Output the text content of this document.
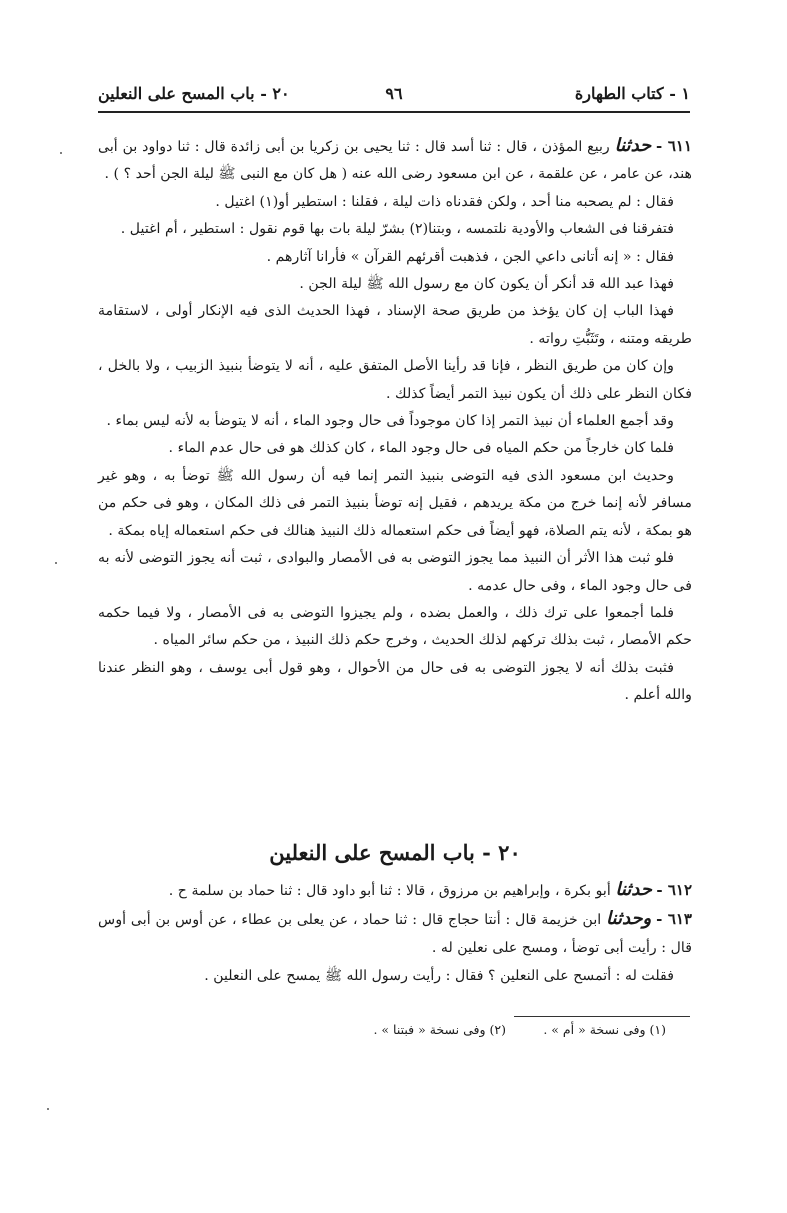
١ - كتاب الطهارة
٩٦
٢٠ - باب المسح على النعلين

٦١١ - حدثنا ربيع المؤذن ، قال : ثنا أسد قال : ثنا يحيى بن زكريا بن أبى زائدة قال : ثنا دواود بن أبى هند، عن عامر ، عن علقمة ، عن ابن مسعود رضى الله عنه ( هل كان مع النبى ﷺ ليلة الجن أحد ؟ ) .

فقال : لم يصحبه منا أحد ، ولكن فقدناه ذات ليلة ، فقلنا : استطير أو(١) اغتيل .

فتفرقنا فى الشعاب والأودية نلتمسه ، وبتنا(٢) بشرّ ليلة بات بها قوم نقول : استطير ، أم اغتيل .

فقال : « إنه أتانى داعي الجن ، فذهبت أقرئهم القرآن » فأرانا آثارهم .

فهذا عبد الله قد أنكر أن يكون كان مع رسول الله ﷺ ليلة الجن .

فهذا الباب إن كان يؤخذ من طريق صحة الإسناد ، فهذا الحديث الذى فيه الإنكار أولى ، لاستقامة طريقه ومتنه ، وتَثَبُّتِ رواته .

وإن كان من طريق النظر ، فإنا قد رأينا الأصل المتفق عليه ، أنه لا يتوضأ بنبيذ الزبيب ، ولا بالخل ، فكان النظر على ذلك أن يكون نبيذ التمر أيضاً كذلك .

وقد أجمع العلماء أن نبيذ التمر إذا كان موجوداً فى حال وجود الماء ، أنه لا يتوضأ به لأنه ليس بماء .

فلما كان خارجاً من حكم المياه فى حال وجود الماء ، كان كذلك هو فى حال عدم الماء .

وحديث ابن مسعود الذى فيه التوضى بنبيذ التمر إنما فيه أن رسول الله ﷺ توضأ به ، وهو غير مسافر لأنه إنما خرج من مكة يريدهم ، فقيل إنه توضأ بنبيذ التمر فى ذلك المكان ، وهو فى حكم من هو بمكة ، لأنه يتم الصلاة، فهو أيضاً فى حكم استعماله ذلك النبيذ هنالك فى حكم استعماله إياه بمكة .

فلو ثبت هذا الأثر أن النبيذ مما يجوز التوضى به فى الأمصار والبوادى ، ثبت أنه يجوز التوضى لأنه به فى حال وجود الماء ، وفى حال عدمه .

فلما أجمعوا على ترك ذلك ، والعمل بضده ، ولم يجيزوا التوضى به فى الأمصار ، ولا فيما حكمه حكم الأمصار ، ثبت بذلك تركهم لذلك الحديث ، وخرج حكم ذلك النبيذ ، من حكم سائر المياه .

فثبت بذلك أنه لا يجوز التوضى به فى حال من الأحوال ، وهو قول أبى يوسف ، وهو النظر عندنا والله أعلم .

٢٠ - باب المسح على النعلين

٦١٢ - حدثنا أبو بكرة ، وإبراهيم بن مرزوق ، قالا : ثنا أبو داود قال : ثنا حماد بن سلمة ح .

٦١٣ - وحدثنا ابن خزيمة قال : أنتا حجاج قال : ثنا حماد ، عن يعلى بن عطاء ، عن أوس بن أبى أوس قال : رأيت أبى توضأ ، ومسح على نعلين له .

فقلت له : أتمسح على النعلين ؟ فقال : رأيت رسول الله ﷺ يمسح على النعلين .

(١) وفى نسخة « أم » .
(٢) وفى نسخة « فبتنا » .
